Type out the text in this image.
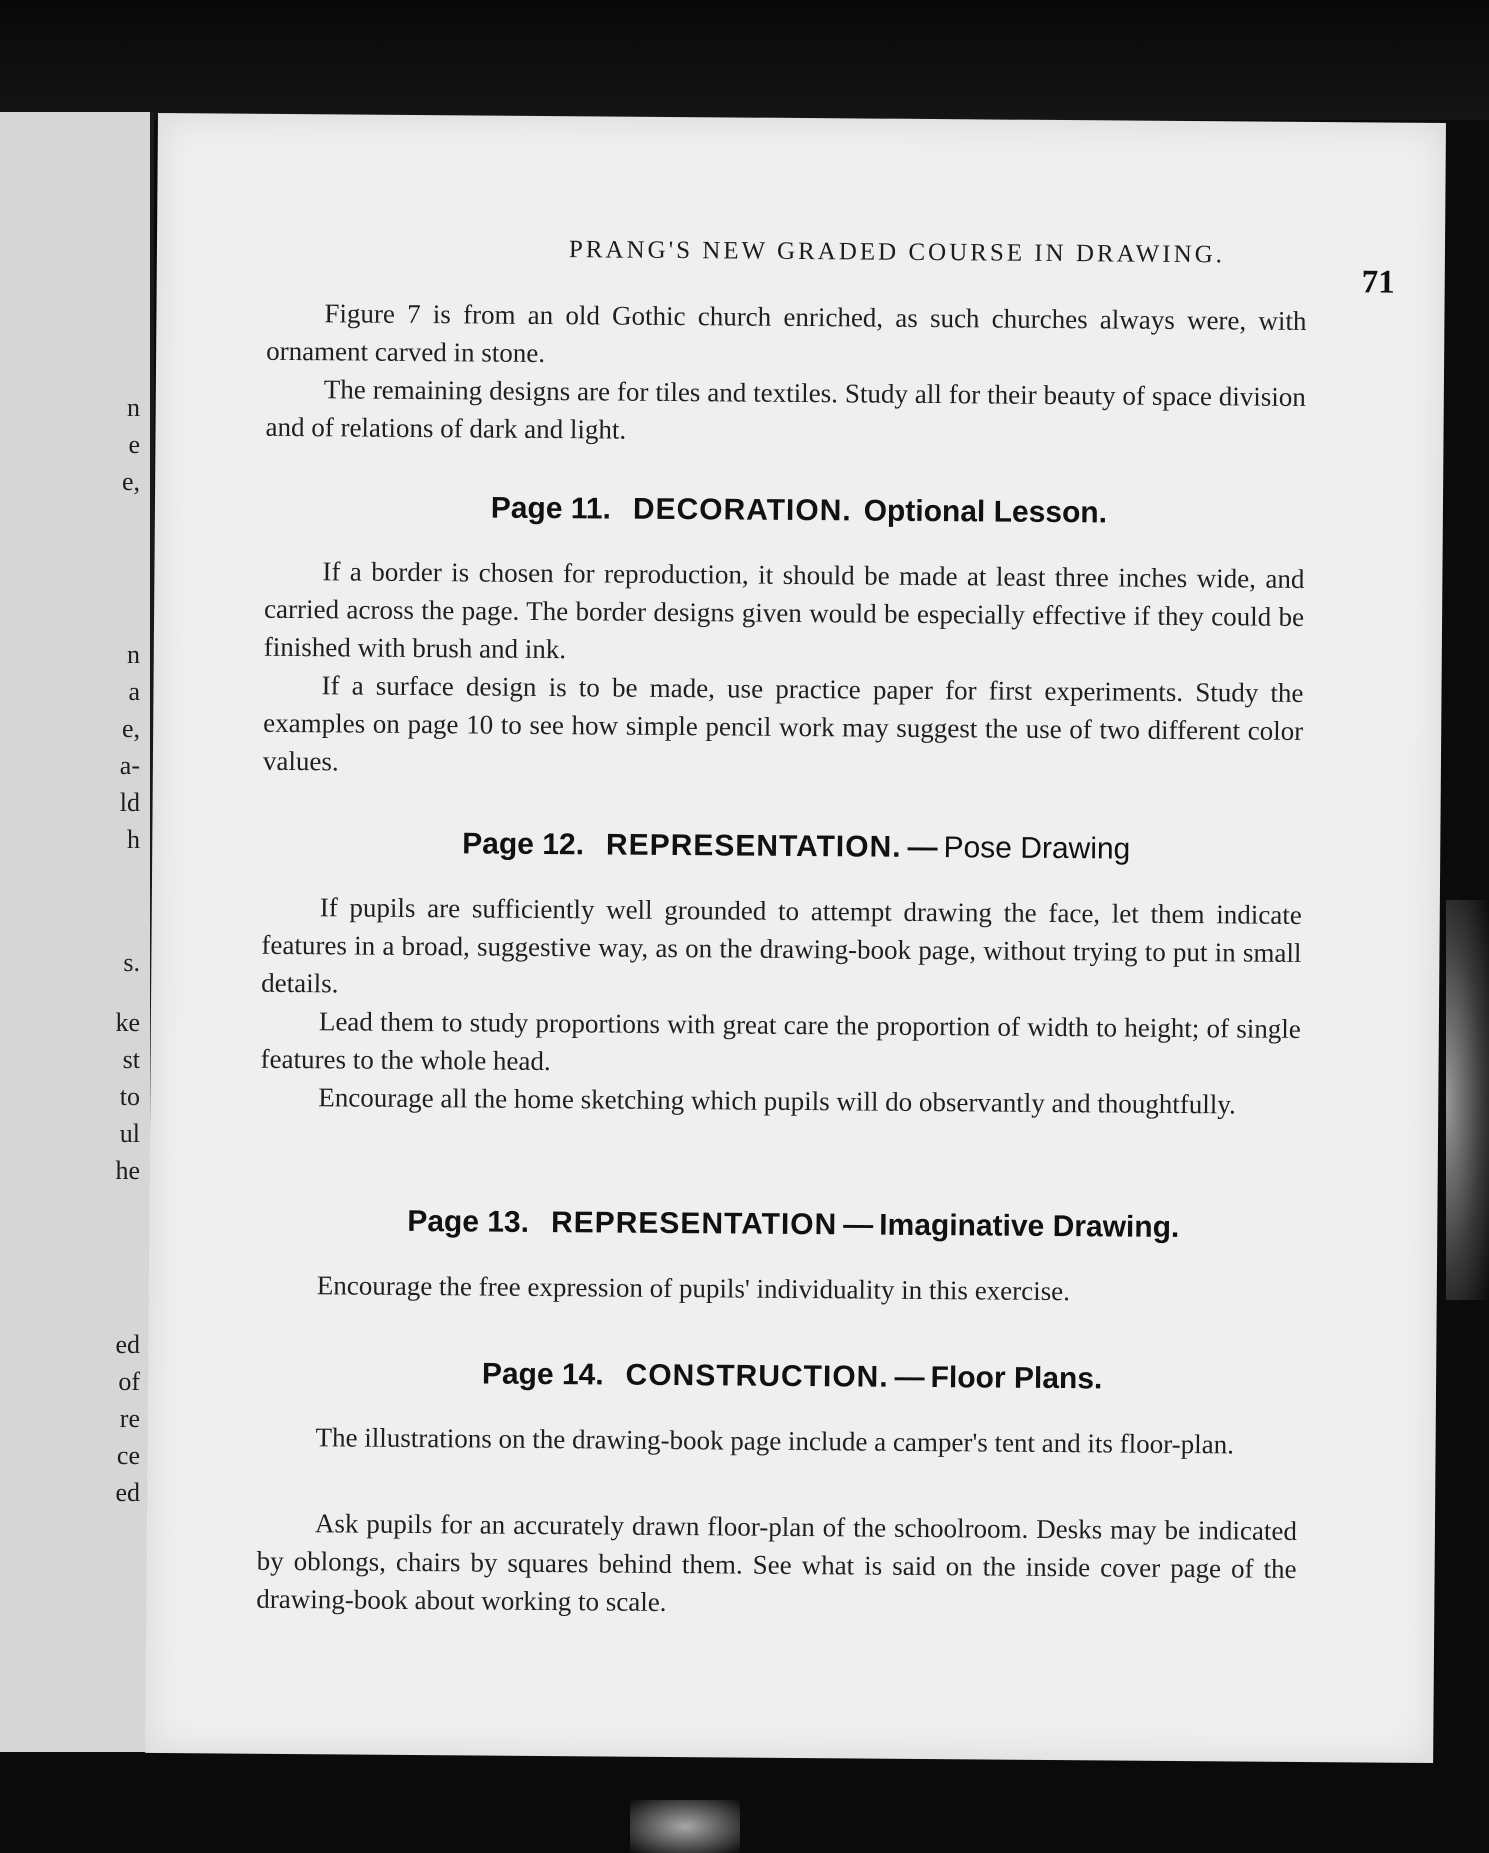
n
e
e,
n
a
e,
a-
ld
h
s.
ke
st
to
ul
he
ed
of
re
ce
ed
PRANG'S NEW GRADED COURSE IN DRAWING.
71

Figure 7 is from an old Gothic church enriched, as such churches always were, with ornament carved in stone.

The remaining designs are for tiles and textiles. Study all for their beauty of space division and of relations of dark and light.

Page 11. DECORATION. Optional Lesson.

If a border is chosen for reproduction, it should be made at least three inches wide, and carried across the page. The border designs given would be especially effective if they could be finished with brush and ink.

If a surface design is to be made, use practice paper for first experiments. Study the examples on page 10 to see how simple pencil work may suggest the use of two different color values.

Page 12. REPRESENTATION. — Pose Drawing

If pupils are sufficiently well grounded to attempt drawing the face, let them indicate features in a broad, suggestive way, as on the drawing-book page, without trying to put in small details.

Lead them to study proportions with great care the proportion of width to height; of single features to the whole head.

Encourage all the home sketching which pupils will do observantly and thoughtfully.

Page 13. REPRESENTATION — Imaginative Drawing.

Encourage the free expression of pupils' individuality in this exercise.

Page 14. CONSTRUCTION. — Floor Plans.

The illustrations on the drawing-book page include a camper's tent and its floor-plan.

Ask pupils for an accurately drawn floor-plan of the schoolroom. Desks may be indicated by oblongs, chairs by squares behind them. See what is said on the inside cover page of the drawing-book about working to scale.
